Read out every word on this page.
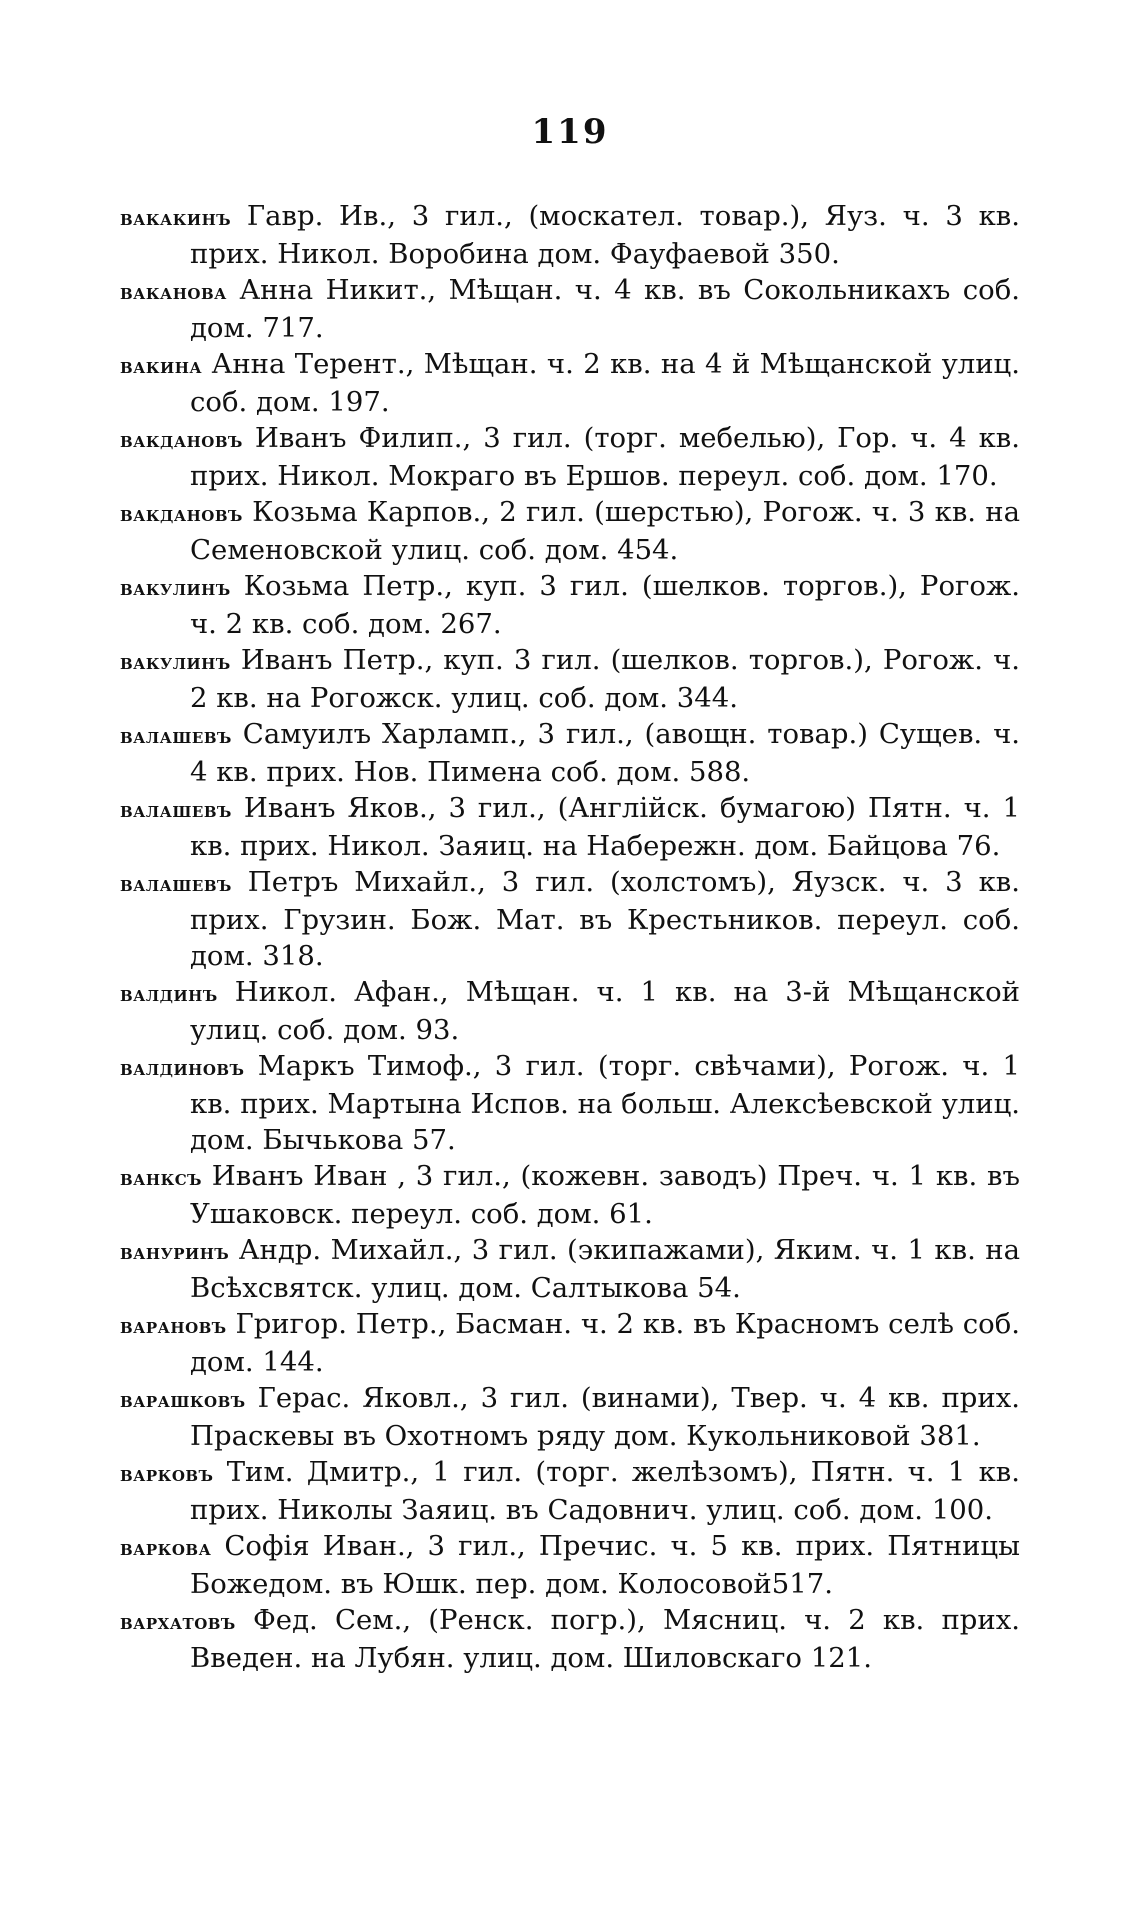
119

вакакинъ Гавр. Ив., 3 гил., (москател. товар.), Яуз. ч. 3 кв. прих. Никол. Воробина дом. Фауфаевой 350.

ваканова Анна Никит., Мѣщан. ч. 4 кв. въ Сокольникахъ соб. дом. 717.

вакина Анна Терент., Мѣщан. ч. 2 кв. на 4 й Мѣщанской улиц. соб. дом. 197.

вакдановъ Иванъ Филип., 3 гил. (торг. мебелью), Гор. ч. 4 кв. прих. Никол. Мокраго въ Ершов. переул. соб. дом. 170.

вакдановъ Козьма Карпов., 2 гил. (шерстью), Рогож. ч. 3 кв. на Семеновской улиц. соб. дом. 454.

вакулинъ Козьма Петр., куп. 3 гил. (шелков. торгов.), Рогож. ч. 2 кв. соб. дом. 267.

вакулинъ Иванъ Петр., куп. 3 гил. (шелков. торгов.), Рогож. ч. 2 кв. на Рогожск. улиц. соб. дом. 344.

валашевъ Самуилъ Харламп., 3 гил., (авощн. товар.) Сущев. ч. 4 кв. прих. Нов. Пимена соб. дом. 588.

валашевъ Иванъ Яков., 3 гил., (Англійск. бумагою) Пятн. ч. 1 кв. прих. Никол. Заяиц. на Набережн. дом. Байцова 76.

валашевъ Петръ Михайл., 3 гил. (холстомъ), Яузск. ч. 3 кв. прих. Грузин. Бож. Мат. въ Крестьников. переул. соб. дом. 318.

валдинъ Никол. Афан., Мѣщан. ч. 1 кв. на 3-й Мѣщанской улиц. соб. дом. 93.

валдиновъ Маркъ Тимоф., 3 гил. (торг. свѣчами), Рогож. ч. 1 кв. прих. Мартына Испов. на больш. Алексѣевской улиц. дом. Бычькова 57.

ванксъ Иванъ Иван , 3 гил., (кожевн. заводъ) Преч. ч. 1 кв. въ Ушаковск. переул. соб. дом. 61.

вануринъ Андр. Михайл., 3 гил. (экипажами), Яким. ч. 1 кв. на Всѣхсвятск. улиц. дом. Салтыкова 54.

варановъ Григор. Петр., Басман. ч. 2 кв. въ Красномъ селѣ соб. дом. 144.

варашковъ Герас. Яковл., 3 гил. (винами), Твер. ч. 4 кв. прих. Праскевы въ Охотномъ ряду дом. Кукольниковой 381.

варковъ Тим. Дмитр., 1 гил. (торг. желѣзомъ), Пятн. ч. 1 кв. прих. Николы Заяиц. въ Садовнич. улиц. соб. дом. 100.

варкова Софія Иван., 3 гил., Пречис. ч. 5 кв. прих. Пятницы Божедом. въ Юшк. пер. дом. Колосовой517.

вархатовъ Фед. Сем., (Ренск. погр.), Мясниц. ч. 2 кв. прих. Введен. на Лубян. улиц. дом. Шиловскаго 121.
